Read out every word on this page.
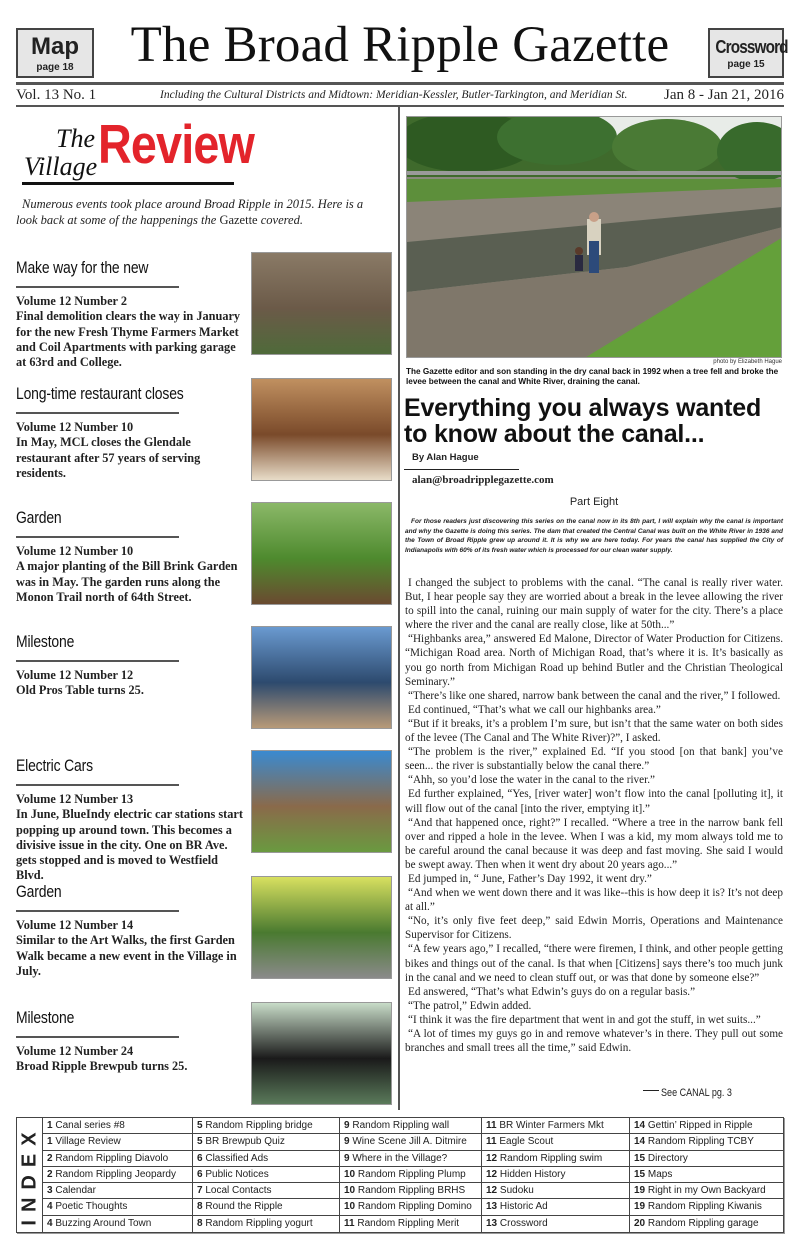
Map
page 18	The Broad Ripple Gazette	Crossword
page 15
Vol. 13 No. 1	Including the Cultural Districts and Midtown: Meridian-Kessler, Butler-Tarkington, and Meridian St. Jan 8 - Jan 21, 2016
The
Village Review
Numerous events took place around Broad Ripple in 2015. Here is a look back at some of the happenings the Gazette covered.
Make way for the new
Volume 12 Number 2
Final demolition clears the way in January for the new Fresh Thyme Farmers Market and Coil Apartments with parking garage at 63rd and College.
Long-time restaurant closes
Volume 12 Number 10
In May, MCL closes the Glendale restaurant after 57 years of serving residents.
Garden
Volume 12 Number 10
A major planting of the Bill Brink Garden was in May. The garden runs along the Monon Trail north of 64th Street.
Milestone
Volume 12 Number 12
Old Pros Table turns 25.
Electric Cars
Volume 12 Number 13
In June, BlueIndy electric car stations start popping up around town. This becomes a divisive issue in the city. One on BR Ave. gets stopped and is moved to Westfield Blvd.
Garden
Volume 12 Number 14
Similar to the Art Walks, the first Garden Walk became a new event in the Village in July.
Milestone
Volume 12 Number 24
Broad Ripple Brewpub turns 25.
photo by Elizabeth Hague
The Gazette editor and son standing in the dry canal back in 1992 when a tree fell and broke the levee between the canal and White River, draining the canal.
Everything you always wanted to know about the canal...
By Alan Hague
alan@broadripplegazette.com
Part Eight
For those readers just discovering this series on the canal now in its 8th part, I will explain why the canal is important and why the Gazette is doing this series. The dam that created the Central Canal was built on the White River in 1936 and the Town of Broad Ripple grew up around it. It is why we are here today. For years the canal has supplied the City of Indianapolis with 60% of its fresh water which is processed for our clean water supply.

I changed the subject to problems with the canal. “The canal is really river water. But, I hear people say they are worried about a break in the levee allowing the river to spill into the canal, ruining our main supply of water for the city. There’s a place where the river and the canal are really close, like at 50th...”

“Highbanks area,” answered Ed Malone, Director of Water Production for Citizens. “Michigan Road area. North of Michigan Road, that’s where it is. It’s basically as you go north from Michigan Road up behind Butler and the Christian Theological Seminary.”

“There’s like one shared, narrow bank between the canal and the river,” I followed.

Ed continued, “That’s what we call our highbanks area.”

“But if it breaks, it’s a problem I’m sure, but isn’t that the same water on both sides of the levee (The Canal and The White River)?”, I asked.

“The problem is the river,” explained Ed. “If you stood [on that bank] you’ve seen... the river is substantially below the canal there.”

“Ahh, so you’d lose the water in the canal to the river.”

Ed further explained, “Yes, [river water] won’t flow into the canal [polluting it], it will flow out of the canal [into the river, emptying it].”

“And that happened once, right?” I recalled. “Where a tree in the narrow bank fell over and ripped a hole in the levee. When I was a kid, my mom always told me to be careful around the canal because it was deep and fast moving. She said I would be swept away. Then when it went dry about 20 years ago...”

Ed jumped in, “ June, Father’s Day 1992, it went dry.”

“And when we went down there and it was like--this is how deep it is? It’s not deep at all.”

“No, it’s only five feet deep,” said Edwin Morris, Operations and Maintenance Supervisor for Citizens.

“A few years ago,” I recalled, “there were firemen, I think, and other people getting bikes and things out of the canal. Is that when [Citizens] says there’s too much junk in the canal and we need to clean stuff out, or was that done by someone else?”

Ed answered, “That’s what Edwin’s guys do on a regular basis.”

“The patrol,” Edwin added.

“I think it was the fire department that went in and got the stuff, in wet suits...”

“A lot of times my guys go in and remove whatever’s in there. They pull out some branches and small trees all the time,” said Edwin.

See CANAL pg. 3
INDEX 1 Canal series #8	5 Random Rippling bridge	9 Random Rippling wall	11 BR Winter Farmers Mkt	14 Gettin’ Ripped in Ripple
1 Village Review	5 BR Brewpub Quiz	9 Wine Scene Jill A. Ditmire	11 Eagle Scout	14 Random Rippling TCBY
2 Random Rippling Diavolo	6 Classified Ads	9 Where in the Village?	12 Random Rippling swim	15 Directory
2 Random Rippling Jeopardy	6 Public Notices	10 Random Rippling Plump	12 Hidden History	15 Maps
3 Calendar	7 Local Contacts	10 Random Rippling BRHS	12 Sudoku	19 Right in my Own Backyard
4 Poetic Thoughts	8 Round the Ripple	10 Random Rippling Domino	13 Historic Ad	19 Random Rippling Kiwanis
4 Buzzing Around Town	8 Random Rippling yogurt	11 Random Rippling Merit	13 Crossword	20 Random Rippling garage
